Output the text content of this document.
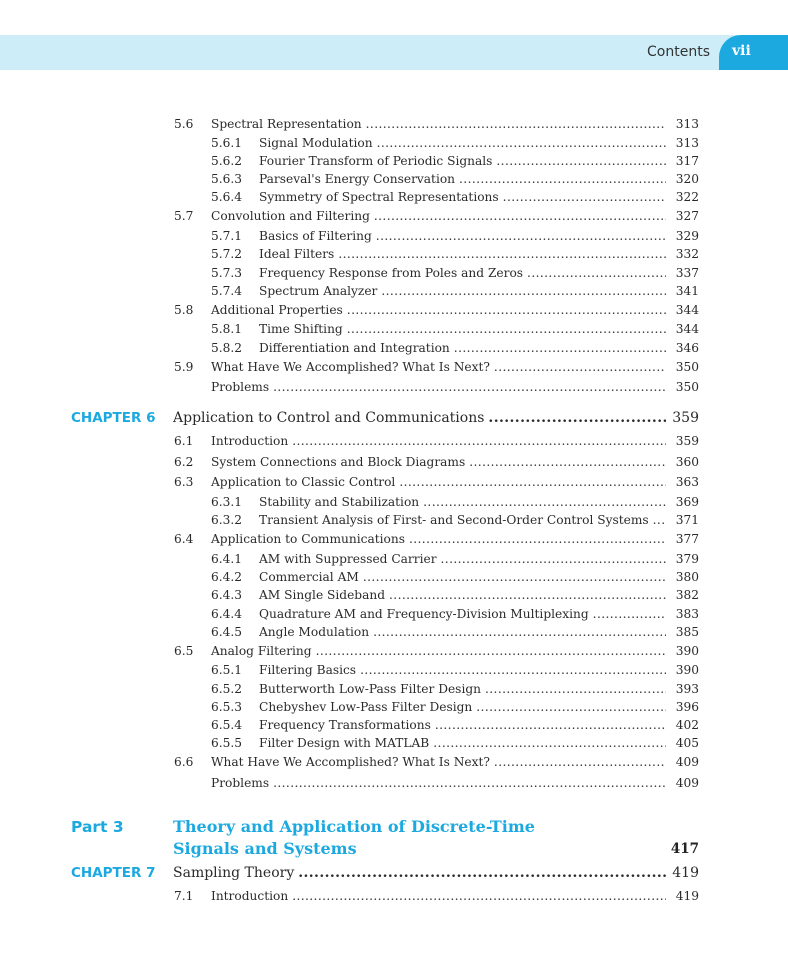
Contents vii
5.6 Spectral Representation .....	313
5.6.1 Signal Modulation .....	313
5.6.2 Fourier Transform of Periodic Signals .....	317
5.6.3 Parseval's Energy Conservation .....	320
5.6.4 Symmetry of Spectral Representations .....	322
5.7 Convolution and Filtering .....	327
5.7.1 Basics of Filtering .....	329
5.7.2 Ideal Filters .....	332
5.7.3 Frequency Response from Poles and Zeros .....	337
5.7.4 Spectrum Analyzer .....	341
5.8 Additional Properties .....	344
5.8.1 Time Shifting .....	344
5.8.2 Differentiation and Integration .....	346
5.9 What Have We Accomplished? What Is Next? .....	350
Problems .....	350
CHAPTER 6 Application to Control and Communications .....	359
6.1 Introduction .....	359
6.2 System Connections and Block Diagrams .....	360
6.3 Application to Classic Control .....	363
6.3.1 Stability and Stabilization .....	369
6.3.2 Transient Analysis of First- and Second-Order Control Systems ..... 371
6.4 Application to Communications .....	377
6.4.1 AM with Suppressed Carrier .....	379
6.4.2 Commercial AM .....	380
6.4.3 AM Single Sideband .....	382
6.4.4 Quadrature AM and Frequency-Division Multiplexing .....	383
6.4.5 Angle Modulation .....	385
6.5 Analog Filtering .....	390
6.5.1 Filtering Basics .....	390
6.5.2 Butterworth Low-Pass Filter Design .....	393
6.5.3 Chebyshev Low-Pass Filter Design .....	396
6.5.4 Frequency Transformations .....	402
6.5.5 Filter Design with MATLAB .....	405
6.6 What Have We Accomplished? What Is Next? .....	409
Problems .....	409
Part 3	Theory and Application of Discrete-Time
Signals and Systems	417
CHAPTER 7 Sampling Theory .....	419
7.1 Introduction .....	419
